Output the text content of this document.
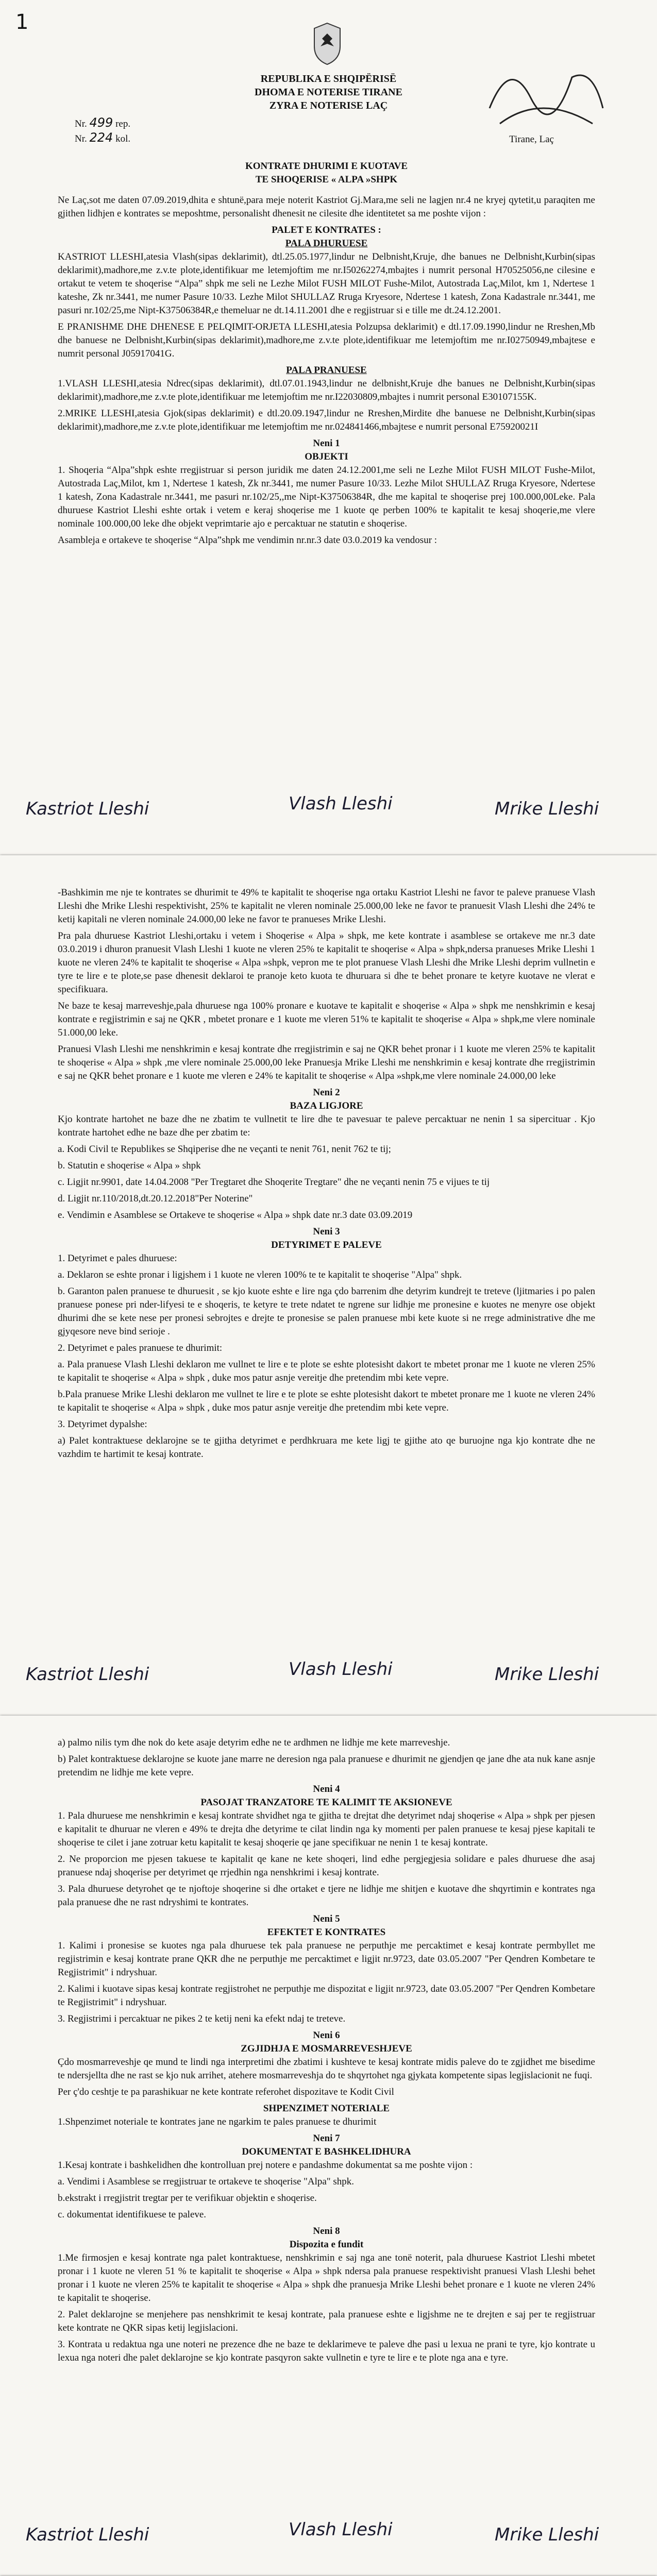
1
REPUBLIKA E SHQIPËRISË
DHOMA E NOTERISE TIRANE
ZYRA E NOTERISE LAÇ
Nr. 499 rep.
Nr. 224 kol.	Tirane, Laç
KONTRATE DHURIMI E KUOTAVE
TE SHOQERISE « ALPA »SHPK

Ne Laç,sot me daten 07.09.2019,dhita e shtunë,para meje noterit Kastriot Gj.Mara,me seli ne lagjen nr.4 ne kryej qytetit,u paraqiten me gjithen lidhjen e kontrates se meposhtme, personalisht dhenesit ne cilesite dhe identitetet sa me poshte vijon :

PALET E KONTRATES :
PALA DHURUESE

KASTRIOT LLESHI,atesia Vlash(sipas deklarimit), dtl.25.05.1977,lindur ne Delbnisht,Kruje, dhe banues ne Delbnisht,Kurbin(sipas deklarimit),madhore,me z.v.te plote,identifikuar me letemjoftim me nr.I50262274,mbajtes i numrit personal H70525056,ne cilesine e ortakut te vetem te shoqerise “Alpa” shpk me seli ne Lezhe Milot FUSH MILOT Fushe-Milot, Autostrada Laç,Milot, km 1, Ndertese 1 kateshe, Zk nr.3441, me numer Pasure 10/33. Lezhe Milot SHULLAZ Rruga Kryesore, Ndertese 1 katesh, Zona Kadastrale nr.3441, me pasuri nr.102/25,me Nipt-K37506384R,e themeluar ne dt.14.11.2001 dhe e regjistruar si e tille me dt.24.12.2001.

E PRANISHME DHE DHENESE E PELQIMIT-ORJETA LLESHI,atesia Polzupsa deklarimit) e dtl.17.09.1990,lindur ne Rreshen,Mb dhe banuese ne Delbnisht,Kurbin(sipas deklarimit),madhore,me z.v.te plote,identifikuar me letemjoftim me nr.I02750949,mbajtese e numrit personal J05917041G.

PALA PRANUESE

1.VLASH LLESHI,atesia Ndrec(sipas deklarimit), dtl.07.01.1943,lindur ne delbnisht,Kruje dhe banues ne Delbnisht,Kurbin(sipas deklarimit),madhore,me z.v.te plote,identifikuar me letemjoftim me nr.I22030809,mbajtes i numrit personal E30107155K.

2.MRIKE LLESHI,atesia Gjok(sipas deklarimit) e dtl.20.09.1947,lindur ne Rreshen,Mirdite dhe banuese ne Delbnisht,Kurbin(sipas deklarimit),madhore,me z.v.te plote,identifikuar me letemjoftim me nr.024841466,mbajtese e numrit personal E75920021I

Neni 1
OBJEKTI

1. Shoqeria “Alpa”shpk eshte rregjistruar si person juridik me daten 24.12.2001,me seli ne Lezhe Milot FUSH MILOT Fushe-Milot, Autostrada Laç,Milot, km 1, Ndertese 1 katesh, Zk nr.3441, me numer Pasure 10/33. Lezhe Milot SHULLAZ Rruga Kryesore, Ndertese 1 katesh, Zona Kadastrale nr.3441, me pasuri nr.102/25,,me Nipt-K37506384R, dhe me kapital te shoqerise prej 100.000,00Leke. Pala dhuruese Kastriot Lleshi eshte ortak i vetem e keraj shoqerise me 1 kuote qe perben 100% te kapitalit te kesaj shoqerie,me vlere nominale 100.000,00 leke dhe objekt veprimtarie ajo e percaktuar ne statutin e shoqerise.

Asambleja e ortakeve te shoqerise “Alpa”shpk me vendimin nr.nr.3 date 03.0.2019 ka vendosur :

Kastriot Lleshi	Vlash Lleshi	Mrike Lleshi

-Bashkimin me nje te kontrates se dhurimit te 49% te kapitalit te shoqerise nga ortaku Kastriot Lleshi ne favor te paleve pranuese Vlash Lleshi dhe Mrike Lleshi respektivisht, 25% te kapitalit ne vleren nominale 25.000,00 leke ne favor te pranuesit Vlash Lleshi dhe 24% te ketij kapitali ne vleren nominale 24.000,00 leke ne favor te pranueses Mrike Lleshi.

Pra pala dhuruese Kastriot Lleshi,ortaku i vetem i Shoqerise « Alpa » shpk, me kete kontrate i asamblese se ortakeve me nr.3 date 03.0.2019 i dhuron pranuesit Vlash Lleshi 1 kuote ne vleren 25% te kapitalit te shoqerise « Alpa » shpk,ndersa pranueses Mrike Lleshi 1 kuote ne vleren 24% te kapitalit te shoqerise « Alpa »shpk, vepron me te plot pranuese Vlash Lleshi dhe Mrike Lleshi deprim vullnetin e tyre te lire e te plote,se pase dhenesit deklaroi te pranoje keto kuota te dhuruara si dhe te behet pronare te ketyre kuotave ne vlerat e specifikuara.

Ne baze te kesaj marreveshje,pala dhuruese nga 100% pronare e kuotave te kapitalit e shoqerise « Alpa » shpk me nenshkrimin e kesaj kontrate e regjistrimin e saj ne QKR , mbetet pronare e 1 kuote me vleren 51% te kapitalit te shoqerise « Alpa » shpk,me vlere nominale 51.000,00 leke.

Pranuesi Vlash Lleshi me nenshkrimin e kesaj kontrate dhe rregjistrimin e saj ne QKR behet pronar i 1 kuote me vleren 25% te kapitalit te shoqerise « Alpa » shpk ,me vlere nominale 25.000,00 leke Pranuesja Mrike Lleshi me nenshkrimin e kesaj kontrate dhe rregjistrimin e saj ne QKR behet pronare e 1 kuote me vleren e 24% te kapitalit te shoqerise « Alpa »shpk,me vlere nominale 24.000,00 leke

Neni 2
BAZA LIGJORE

Kjo kontrate hartohet ne baze dhe ne zbatim te vullnetit te lire dhe te pavesuar te paleve percaktuar ne nenin 1 sa sipercituar . Kjo kontrate hartohet edhe ne baze dhe per zbatim te:

a. Kodi Civil te Republikes se Shqiperise dhe ne veçanti te nenit 761, nenit 762 te tij;

b. Statutin e shoqerise « Alpa » shpk

c. Ligjit nr.9901, date 14.04.2008 "Per Tregtaret dhe Shoqerite Tregtare" dhe ne veçanti nenin 75 e vijues te tij

d. Ligjit nr.110/2018,dt.20.12.2018"Per Noterine"

e. Vendimin e Asamblese se Ortakeve te shoqerise « Alpa » shpk date nr.3 date 03.09.2019

Neni 3
DETYRIMET E PALEVE

1. Detyrimet e pales dhuruese:

a. Deklaron se eshte pronar i ligjshem i 1 kuote ne vleren 100% te te kapitalit te shoqerise "Alpa" shpk.

b. Garanton palen pranuese te dhuruesit , se kjo kuote eshte e lire nga çdo barrenim dhe detyrim kundrejt te treteve (ljitmaries i po palen pranuese ponese pri nder-lifyesi te e shoqeris, te ketyre te trete ndatet te ngrene sur lidhje me pronesine e kuotes ne menyre ose objekt dhurimi dhe se kete nese per pronesi sebrojtes e drejte te pronesise se palen pranuese mbi kete kuote si ne rrege administrative dhe me gjyqesore neve bind serioje .

2. Detyrimet e pales pranuese te dhurimit:

a. Pala pranuese Vlash Lleshi deklaron me vullnet te lire e te plote se eshte plotesisht dakort te mbetet pronar me 1 kuote ne vleren 25% te kapitalit te shoqerise « Alpa » shpk , duke mos patur asnje vereitje dhe pretendim mbi kete vepre.

b.Pala pranuese Mrike Lleshi deklaron me vullnet te lire e te plote se eshte plotesisht dakort te mbetet pronare me 1 kuote ne vleren 24% te kapitalit te shoqerise « Alpa » shpk , duke mos patur asnje vereitje dhe pretendim mbi kete vepre.

3. Detyrimet dypalshe:

a) Palet kontraktuese deklarojne se te gjitha detyrimet e perdhkruara me kete ligj te gjithe ato qe buruojne nga kjo kontrate dhe ne vazhdim te hartimit te kesaj kontrate.

Kastriot Lleshi	Vlash Lleshi	Mrike Lleshi

a) palmo nilis tym dhe nok do kete asaje detyrim edhe ne te ardhmen ne lidhje me kete marreveshje.

b) Palet kontraktuese deklarojne se kuote jane marre ne deresion nga pala pranuese e dhurimit ne gjendjen qe jane dhe ata nuk kane asnje pretendim ne lidhje me kete vepre.

Neni 4
PASOJAT TRANZATORE TE KALIMIT TE AKSIONEVE

1. Pala dhuruese me nenshkrimin e kesaj kontrate shvidhet nga te gjitha te drejtat dhe detyrimet ndaj shoqerise « Alpa » shpk per pjesen e kapitalit te dhuruar ne vleren e 49% te drejta dhe detyrime te cilat lindin nga ky momenti per palen pranuese te kesaj pjese kapitali te shoqerise te cilet i jane zotruar ketu kapitalit te kesaj shoqerie qe jane specifikuar ne nenin 1 te kesaj kontrate.

2. Ne proporcion me pjesen takuese te kapitalit qe kane ne kete shoqeri, lind edhe pergjegjesia solidare e pales dhuruese dhe asaj pranuese ndaj shoqerise per detyrimet qe rrjedhin nga nenshkrimi i kesaj kontrate.

3. Pala dhuruese detyrohet qe te njoftoje shoqerine si dhe ortaket e tjere ne lidhje me shitjen e kuotave dhe shqyrtimin e kontrates nga pala pranuese dhe ne rast ndryshimi te kontrates.

Neni 5
EFEKTET E KONTRATES

1. Kalimi i pronesise se kuotes nga pala dhuruese tek pala pranuese ne perputhje me percaktimet e kesaj kontrate permbyllet me regjistrimin e kesaj kontrate prane QKR dhe ne perputhje me percaktimet e ligjit nr.9723, date 03.05.2007 "Per Qendren Kombetare te Regjistrimit" i ndryshuar.

2. Kalimi i kuotave sipas kesaj kontrate regjistrohet ne perputhje me dispozitat e ligjit nr.9723, date 03.05.2007 "Per Qendren Kombetare te Regjistrimit" i ndryshuar.

3. Regjistrimi i percaktuar ne pikes 2 te ketij neni ka efekt ndaj te treteve.

Neni 6
ZGJIDHJA E MOSMARREVESHJEVE

Çdo mosmarreveshje qe mund te lindi nga interpretimi dhe zbatimi i kushteve te kesaj kontrate midis paleve do te zgjidhet me bisedime te ndersjellta dhe ne rast se kjo nuk arrihet, atehere mosmarreveshja do te shqyrtohet nga gjykata kompetente sipas legjislacionit ne fuqi.

Per ç'do ceshtje te pa parashikuar ne kete kontrate referohet dispozitave te Kodit Civil

SHPENZIMET NOTERIALE

1.Shpenzimet noteriale te kontrates jane ne ngarkim te pales pranuese te dhurimit

Neni 7
DOKUMENTAT E BASHKELIDHURA

1.Kesaj kontrate i bashkelidhen dhe kontrolluan prej notere e pandashme dokumentat sa me poshte vijon :

a. Vendimi i Asamblese se rregjistruar te ortakeve te shoqerise "Alpa" shpk.

b.ekstrakt i rregjistrit tregtar per te verifikuar objektin e shoqerise.

c. dokumentat identifikuese te paleve.

Neni 8
Dispozita e fundit

1.Me firmosjen e kesaj kontrate nga palet kontraktuese, nenshkrimin e saj nga ane tonë noterit, pala dhuruese Kastriot Lleshi mbetet pronar i 1 kuote ne vleren 51 % te kapitalit te shoqerise « Alpa » shpk ndersa pala pranuese respektivisht pranuesi Vlash Lleshi behet pronar i 1 kuote ne vleren 25% te kapitalit te shoqerise « Alpa » shpk dhe pranuesja Mrike Lleshi behet pronare e 1 kuote ne vleren 24% te kapitalit te shoqerise.

2. Palet deklarojne se menjehere pas nenshkrimit te kesaj kontrate, pala pranuese eshte e ligjshme ne te drejten e saj per te regjistruar kete kontrate ne QKR sipas ketij legjislacioni.

3. Kontrata u redaktua nga une noteri ne prezence dhe ne baze te deklarimeve te paleve dhe pasi u lexua ne prani te tyre, kjo kontrate u lexua nga noteri dhe palet deklarojne se kjo kontrate pasqyron sakte vullnetin e tyre te lire e te plote nga ana e tyre.

Kastriot Lleshi	Vlash Lleshi	Mrike Lleshi
